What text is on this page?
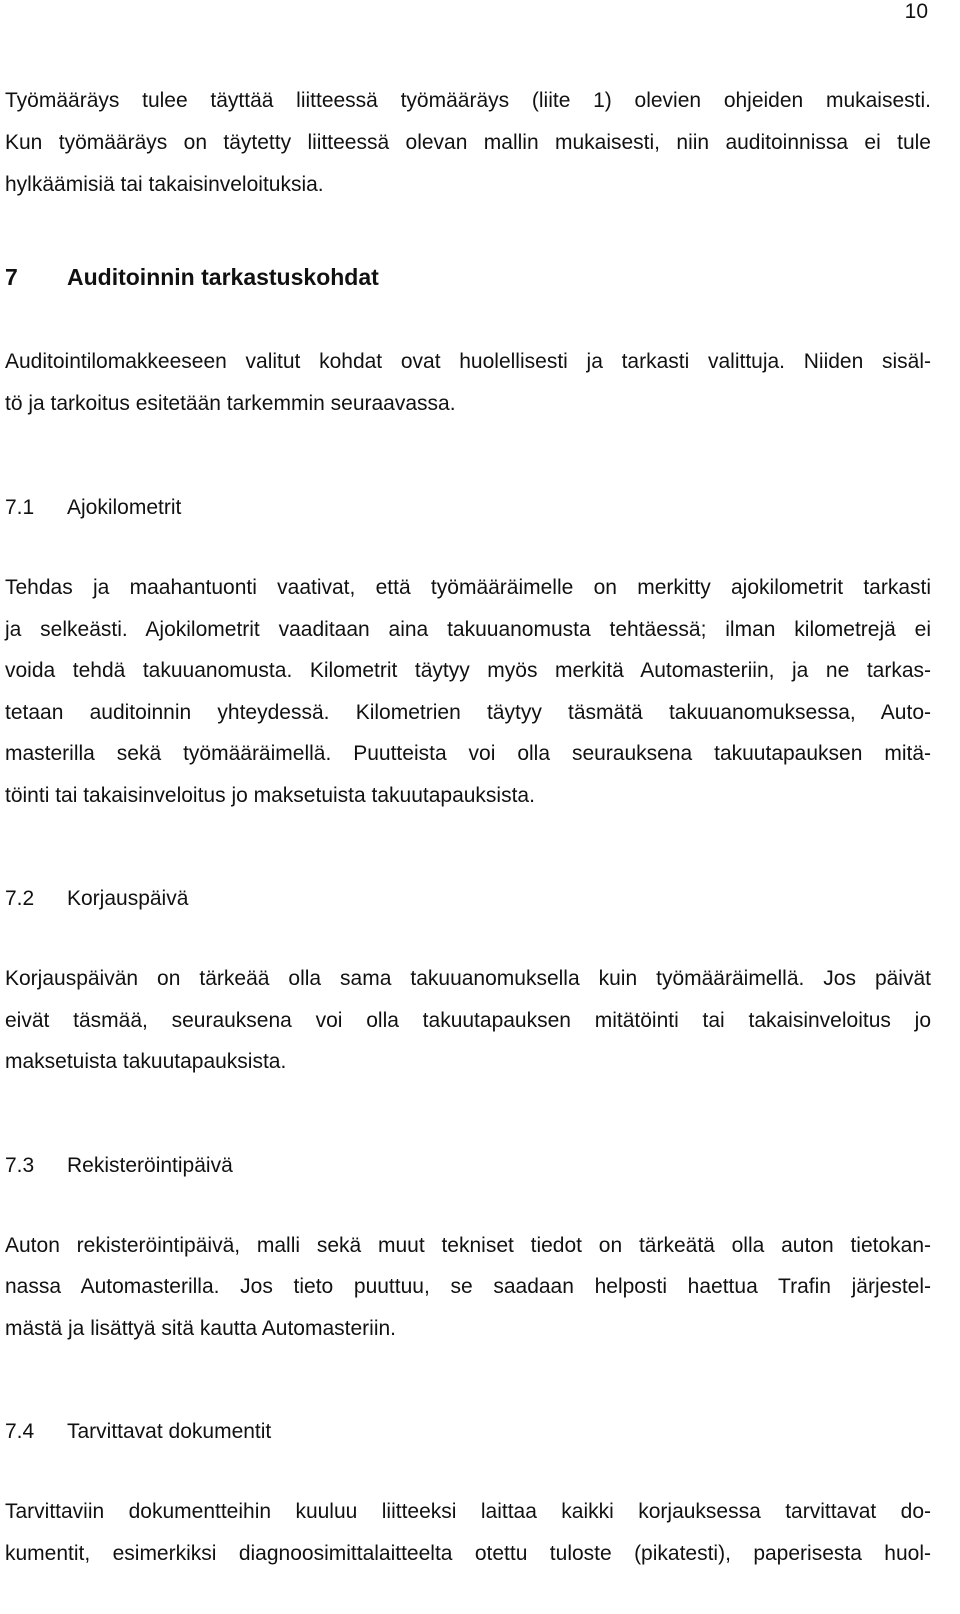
10
Työmääräys tulee täyttää liitteessä työmääräys (liite 1) olevien ohjeiden mukaisesti.
Kun työmääräys on täytetty liitteessä olevan mallin mukaisesti, niin auditoinnissa ei tule
hylkäämisiä tai takaisinveloituksia.
7 Auditoinnin tarkastuskohdat
Auditointilomakkeeseen valitut kohdat ovat huolellisesti ja tarkasti valittuja. Niiden sisäl-
tö ja tarkoitus esitetään tarkemmin seuraavassa.
7.1 Ajokilometrit
Tehdas ja maahantuonti vaativat, että työmääräimelle on merkitty ajokilometrit tarkasti
ja selkeästi. Ajokilometrit vaaditaan aina takuuanomusta tehtäessä; ilman kilometrejä ei
voida tehdä takuuanomusta. Kilometrit täytyy myös merkitä Automasteriin, ja ne tarkas-
tetaan auditoinnin yhteydessä. Kilometrien täytyy täsmätä takuuanomuksessa, Auto-
masterilla sekä työmääräimellä. Puutteista voi olla seurauksena takuutapauksen mitä-
töinti tai takaisinveloitus jo maksetuista takuutapauksista.
7.2 Korjauspäivä
Korjauspäivän on tärkeää olla sama takuuanomuksella kuin työmääräimellä. Jos päivät
eivät täsmää, seurauksena voi olla takuutapauksen mitätöinti tai takaisinveloitus jo
maksetuista takuutapauksista.
7.3 Rekisteröintipäivä
Auton rekisteröintipäivä, malli sekä muut tekniset tiedot on tärkeätä olla auton tietokan-
nassa Automasterilla. Jos tieto puuttuu, se saadaan helposti haettua Trafin järjestel-
mästä ja lisättyä sitä kautta Automasteriin.
7.4 Tarvittavat dokumentit
Tarvittaviin dokumentteihin kuuluu liitteeksi laittaa kaikki korjauksessa tarvittavat do-
kumentit, esimerkiksi diagnoosimittalaitteelta otettu tuloste (pikatesti), paperisesta huol-
